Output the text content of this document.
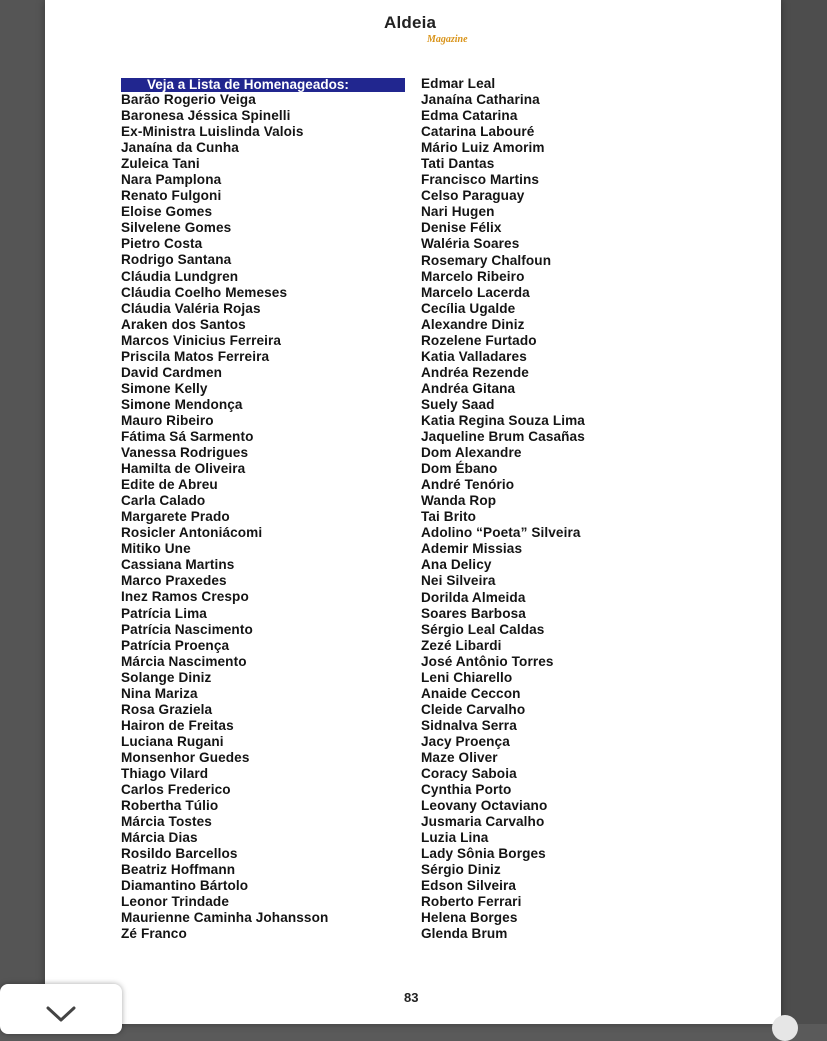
Aldeia
Magazine
Veja a Lista de Homenageados:
Barão Rogerio Veiga
Baronesa Jéssica Spinelli
Ex-Ministra Luislinda Valois
Janaína da Cunha
Zuleica Tani
Nara Pamplona
Renato Fulgoni
Eloise Gomes
Silvelene Gomes
Pietro Costa
Rodrigo Santana
Cláudia Lundgren
Cláudia Coelho Memeses
Cláudia Valéria Rojas
Araken dos Santos
Marcos Vinicius Ferreira
Priscila Matos Ferreira
David Cardmen
Simone Kelly
Simone Mendonça
Mauro Ribeiro
Fátima Sá Sarmento
Vanessa Rodrigues
Hamilta de Oliveira
Edite de Abreu
Carla Calado
Margarete Prado
Rosicler Antoniácomi
Mitiko Une
Cassiana Martins
Marco Praxedes
Inez Ramos Crespo
Patrícia Lima
Patrícia Nascimento
Patrícia Proença
Márcia Nascimento
Solange Diniz
Nina Mariza
Rosa Graziela
Hairon de Freitas
Luciana Rugani
Monsenhor Guedes
Thiago Vilard
Carlos Frederico
Robertha Túlio
Márcia Tostes
Márcia Dias
Rosildo Barcellos
Beatriz Hoffmann
Diamantino Bártolo
Leonor Trindade
Maurienne Caminha Johansson
Zé Franco
Edmar Leal
Janaína Catharina
Edma Catarina
Catarina Labouré
Mário Luiz Amorim
Tati Dantas
Francisco Martins
Celso Paraguay
Nari Hugen
Denise Félix
Waléria Soares
Rosemary Chalfoun
Marcelo Ribeiro
Marcelo Lacerda
Cecília Ugalde
Alexandre Diniz
Rozelene Furtado
Katia Valladares
Andréa Rezende
Andréa Gitana
Suely Saad
Katia Regina Souza Lima
Jaqueline Brum Casañas
Dom Alexandre
Dom Ébano
André Tenório
Wanda Rop
Tai Brito
Adolino “Poeta” Silveira
Ademir Missias
Ana Delicy
Nei Silveira
Dorilda Almeida
Soares Barbosa
Sérgio Leal Caldas
Zezé Libardi
José Antônio Torres
Leni Chiarello
Anaide Ceccon
Cleide Carvalho
Sidnalva Serra
Jacy Proença
Maze Oliver
Coracy Saboia
Cynthia Porto
Leovany Octaviano
Jusmaria Carvalho
Luzia Lina
Lady Sônia Borges
Sérgio Diniz
Edson Silveira
Roberto Ferrari
Helena Borges
Glenda Brum
83
